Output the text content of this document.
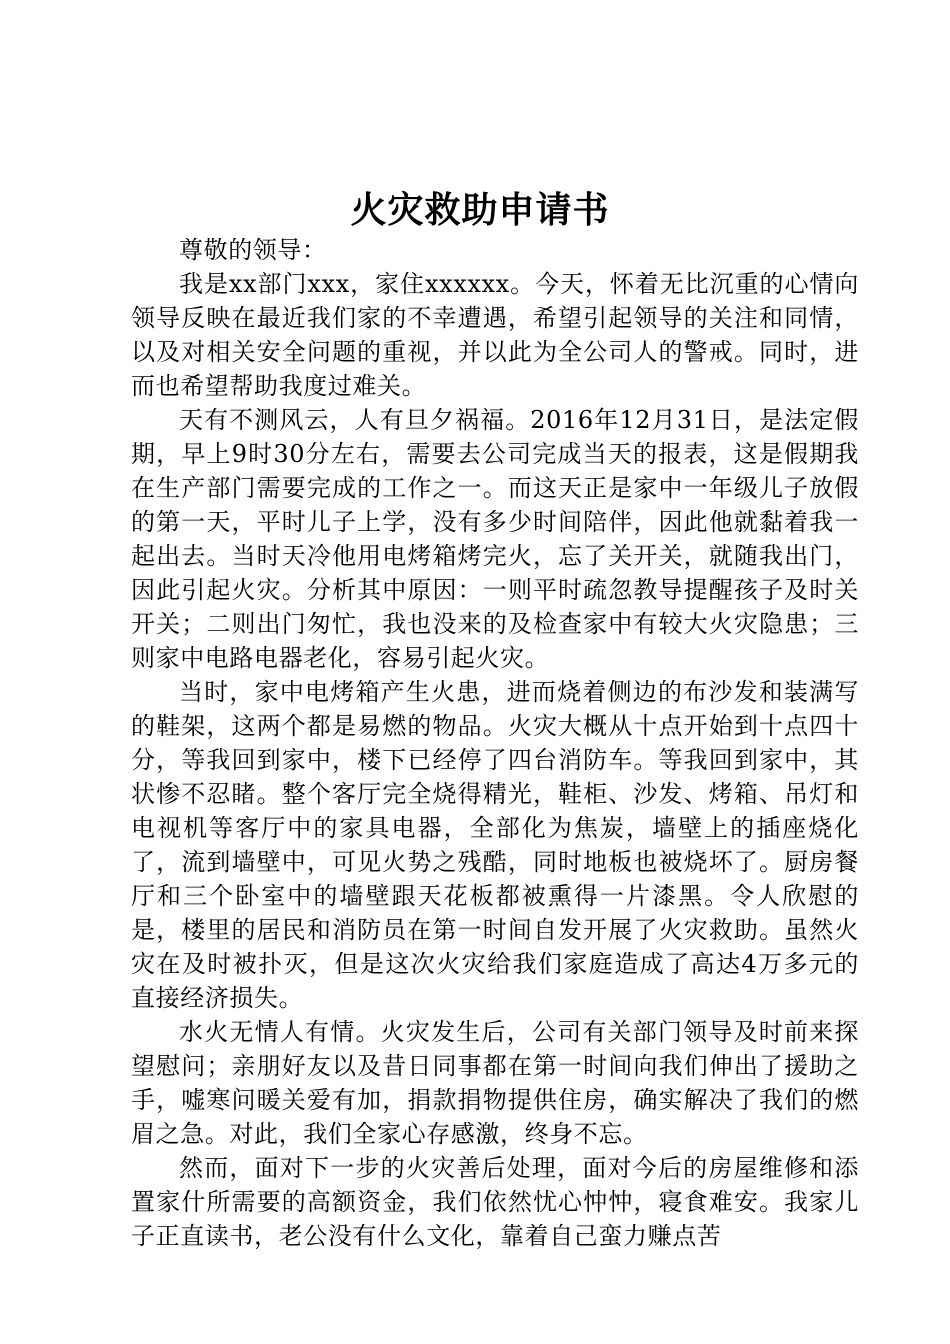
火灾救助申请书

尊敬的领导：

我是xx部门xxx，家住xxxxxx。今天，怀着无比沉重的心情向领导反映在最近我们家的不幸遭遇，希望引起领导的关注和同情，以及对相关安全问题的重视，并以此为全公司人的警戒。同时，进而也希望帮助我度过难关。

天有不测风云，人有旦夕祸福。2016年12月31日，是法定假期，早上9时30分左右，需要去公司完成当天的报表，这是假期我在生产部门需要完成的工作之一。而这天正是家中一年级儿子放假的第一天，平时儿子上学，没有多少时间陪伴，因此他就黏着我一起出去。当时天冷他用电烤箱烤完火，忘了关开关，就随我出门，因此引起火灾。分析其中原因：一则平时疏忽教导提醒孩子及时关开关；二则出门匆忙，我也没来的及检查家中有较大火灾隐患；三则家中电路电器老化，容易引起火灾。

当时，家中电烤箱产生火患，进而烧着侧边的布沙发和装满写的鞋架，这两个都是易燃的物品。火灾大概从十点开始到十点四十分，等我回到家中，楼下已经停了四台消防车。等我回到家中，其状惨不忍睹。整个客厅完全烧得精光，鞋柜、沙发、烤箱、吊灯和电视机等客厅中的家具电器，全部化为焦炭，墙壁上的插座烧化了，流到墙壁中，可见火势之残酷，同时地板也被烧坏了。厨房餐厅和三个卧室中的墙壁跟天花板都被熏得一片漆黑。令人欣慰的是，楼里的居民和消防员在第一时间自发开展了火灾救助。虽然火灾在及时被扑灭，但是这次火灾给我们家庭造成了高达4万多元的直接经济损失。

水火无情人有情。火灾发生后，公司有关部门领导及时前来探望慰问；亲朋好友以及昔日同事都在第一时间向我们伸出了援助之手，嘘寒问暖关爱有加，捐款捐物提供住房，确实解决了我们的燃眉之急。对此，我们全家心存感激，终身不忘。

然而，面对下一步的火灾善后处理，面对今后的房屋维修和添置家什所需要的高额资金，我们依然忧心忡忡，寝食难安。我家儿子正直读书，老公没有什么文化，靠着自己蛮力赚点苦
